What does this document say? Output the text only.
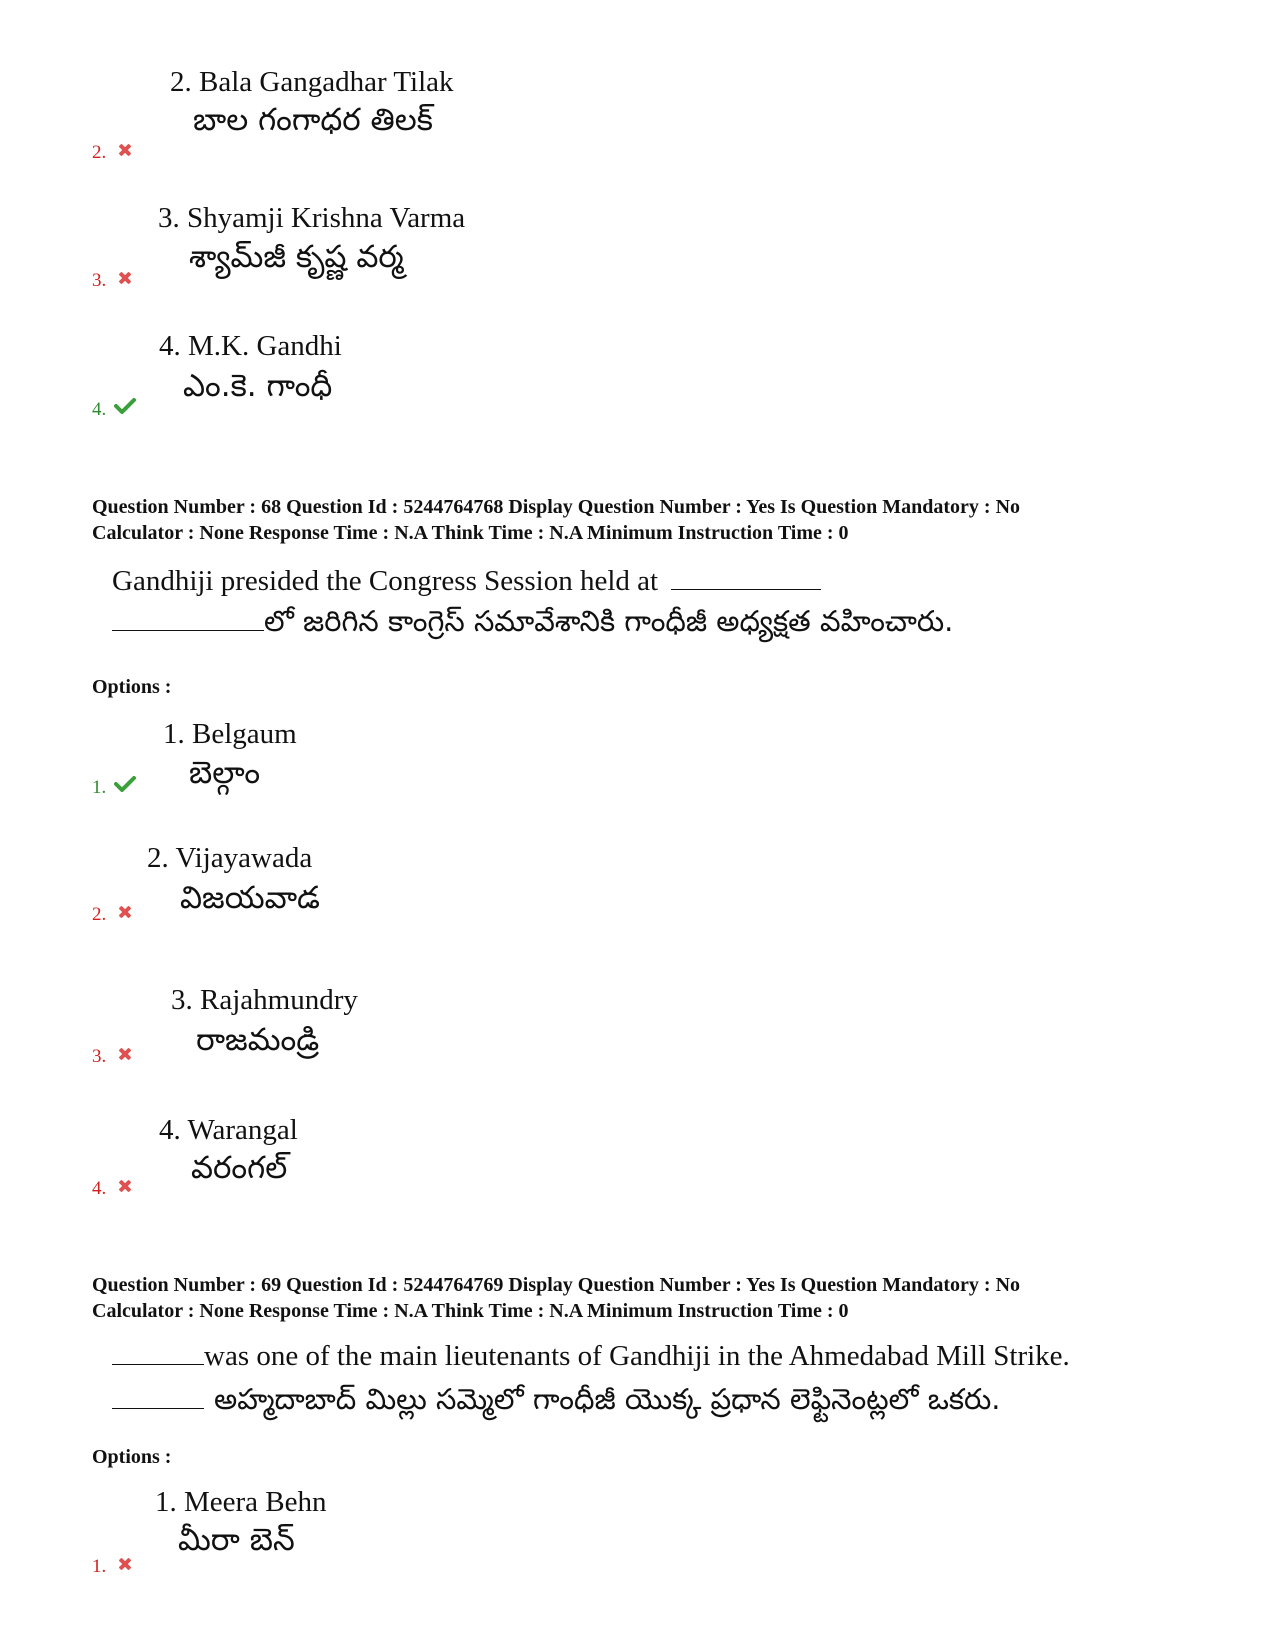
2. Bala Gangadhar Tilak
బాల గంగాధర తిలక్
2.
3. Shyamji Krishna Varma
శ్యామ్‌జీ కృష్ణ వర్మ
3.
4. M.K. Gandhi
ఎం.కె. గాంధీ
4.
Question Number : 68 Question Id : 5244764768 Display Question Number : Yes Is Question Mandatory : No
Calculator : None Response Time : N.A Think Time : N.A Minimum Instruction Time : 0
Gandhiji presided the Congress Session held at
లో జరిగిన కాంగ్రెస్ సమావేశానికి గాంధీజీ అధ్యక్షత వహించారు.
Options :
1. Belgaum
బెల్గాం
1.
2. Vijayawada
విజయవాడ
2.
3. Rajahmundry
రాజమండ్రి
3.
4. Warangal
వరంగల్
4.
Question Number : 69 Question Id : 5244764769 Display Question Number : Yes Is Question Mandatory : No
Calculator : None Response Time : N.A Think Time : N.A Minimum Instruction Time : 0
was one of the main lieutenants of Gandhiji in the Ahmedabad Mill Strike.
అహ్మదాబాద్ మిల్లు సమ్మెలో గాంధీజీ యొక్క ప్రధాన లెఫ్టినెంట్లలో ఒకరు.
Options :
1. Meera Behn
మీరా బెన్
1.
